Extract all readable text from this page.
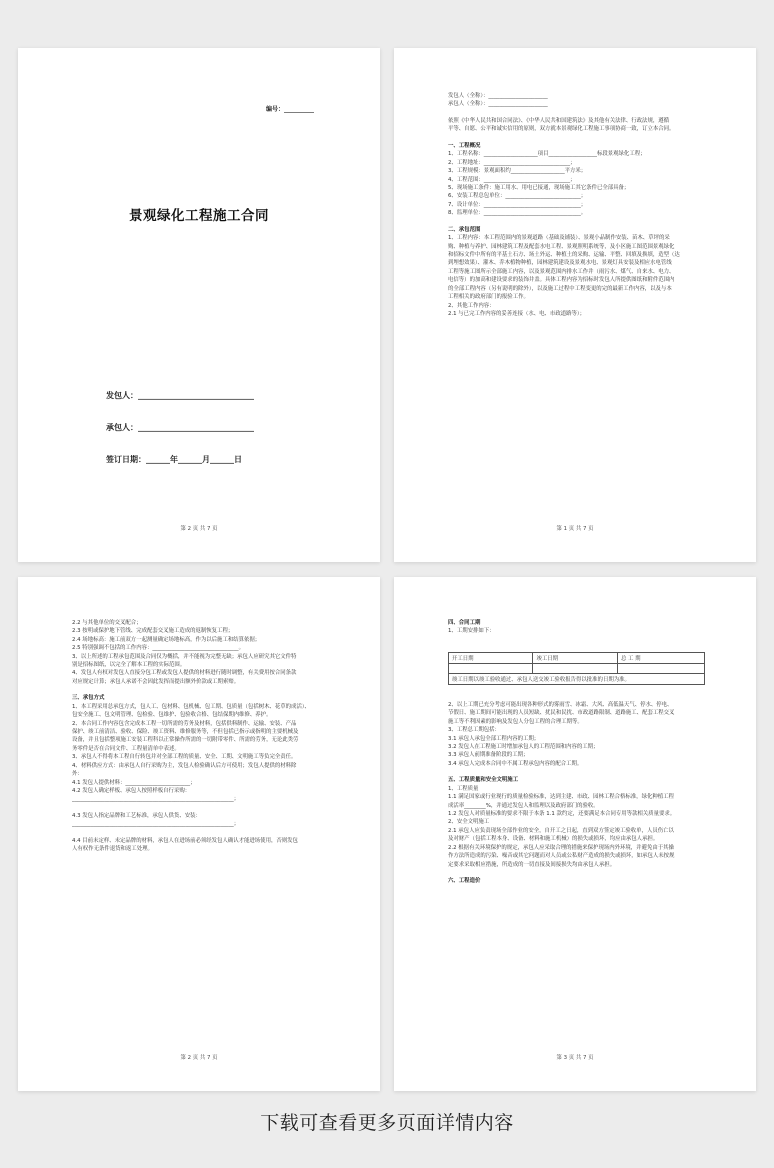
编号：__________
景观绿化工程施工合同
发包人：_____________________________
承包人：_____________________________
签订日期：______年______月______日
第 2 页 共 7 页
发包人（全称）：______________________
承包人（全称）：______________________
依照《中华人民共和国合同法》、《中华人民共和国建筑法》及其他有关法律、行政法规，遵循
平等、自愿、公平和诚实信用的原则，双方就本景观绿化工程施工事项协商一致，订立本合同。
一、工程概况
1、工程名称：____________________项目__________________标段景观绿化工程；
2、工程地址：________________________________；
3、工程规模：景观面积约____________________平方米；
4、工程范围：________________________________；
5、现场施工条件：施工用水、用电已接通，现场施工其它条件已全部具备；
6、安装工程总包单位：____________________________；
7、设计单位：____________________________________；
8、监理单位：____________________________________。
二、承包范围
1、工程内容：本工程范围内的景观道路（基础及铺装）、景观小品制作安装、苗木、草坪的采
购、种植与养护、园林建筑工程及配套水电工程、景观照明系统等，及小区施工图范围景观绿化
和招标文件中所有的平基土石方、场土外运、种植土的采购、运输、平整、回填及换填，造型（达
到埋想效果）、灌木、乔木植物种植，园林建筑建设及景观水电、景观灯具安装及相应水电管线
工程等施工图所示全部施工内容，以及景观范围内排水工作井（雨污水、煤气、自来水、电力、
电信等）的加高和建设要求的装饰井盖。具体工程内容为招标时发包人所提供图纸和附件范围内
的全部工程内容（另有说明的除外），以及施工过程中工程变更的完的最新工作内容，以及与本
工程相关的政府部门的报验工作。
2、其他工作内容：
2.1 与已完工作内容的妥善连接（水、电、市政道路等）；
第 1 页 共 7 页
2.2 与其他单位的交叉配合；
2.3 按明或保护地下管线、完成配套交叉施工造成的返制恢复工程；
2.4 场地标高：施工前双方一起测量确定场地标高，作为以后施工和结算依据；
2.5 特别强调不包括的工作内容：________________________________。
3、以上所述的工程承包范围及合同仅为概括，并不能视为完整无缺；承包人应研究其它文件特
别是招标图纸，以完全了解本工程的实际范围。
4、发包人有权对发包人直接分包工程或发包人提供的材料进行随时调整，有关费用按合同条款
对应规定计算；承包人承诺不会因此发挥而提出额外价款或工期索赔。
三、承包方式
1、本工程采用总承包方式，包人工、包材料、包机械、包工期、包质量（包括树木、花草的成活）、
包安全施工、包文明管理、包检验、包维护、包验收合格、包结保期内维修、养护。
2、本合同工作内容包含完成本工程一切所需的劳务及材料，包括供料制作、运输、安装、产品
保护、竣工前清洁、验收、保险、竣工资料、维修服务等，不但包括已指示或指明的主要机械及
设备，并且包括整项施工安装工程科以正常操作所需的一切附带零件、所需的劳务，无论此类劳
务零件是否在合同文件、工程量清单中表述。
3、承包人不得将本工程自行转包并对全部工程的质量、安全、工期、文明施工等负完全责任。
4、材料供应方式：由承包人自行采购为主，发包人检验确认后方可使用；发包人提供的材料除
外：
4.1 发包人提供材料：________________________；
4.2 发包人确定样板、承包人按照样板自行采购：
____________________________________________________________；
4.3 发包人指定品牌和工艺标准，承包人供货、安装：
____________________________________________________________；
4.4 目前未定样、未定品牌的材料，承包人在进场前必须经发包人确认才能进场使用，否则发包
人有权作无条件退货和返工处理。
第 2 页 共 7 页
四、合同工期
1、工期安排如下：
开工日期	竣工日期	总 工 期

竣工日期以竣工验收通过、承包人送交竣工验收报告得以批准的日期为准。		
2、以上工期已充分考虑可能出现各种形式的雾雨雪、冰霜、大风、高低温天气、停水、停电、
节假日、施工期间可能出现的人员短缺、扰民和民扰、市政道路限制、道路施工、配套工程交叉
施工等不利因素的影响及发包人分包工程的合理工期等。
3、工程总工期包括：
3.1 承包人承包全部工程内容的工期；
3.2 发包人在工程施工时增加承包人的工程范围和内容的工期；
3.3 承包人前期准备阶段的工期；
3.4 承包人完成本合同中不属工程承包内容的配合工期。
五、工程质量和安全文明施工
1、工程质量
1.1 满足国家或行业现行的质量检验标准，达到主建、市政、园林工程合格标准，绿化种植工程
成活率________%，并通过发包人和监理以及政府部门的验收。
1.2 发包人对质量标准的要求不限于本条 1.1 款约定，还要满足本合同专用等款相关质量要求。
2、安全文明施工
2.1 承包人应负责现场全部作业的安全，自开工之日起，直到双方签定竣工验收单，人员伤亡以
及对财产（包括工程本身、设备、材料和施工机械）的损失或损坏，均应由承包人承担。
2.2 根据有关环境保护的规定，承包人应采取合理的措施来保护现场内外环境，并避免由于其操
作方法所造成的污染、噪音或其它问题而对人员或公私财产造成的损失或损坏，如承包人未按规
定要求采取相应措施，所造成的一切直接及间接损失均由承包人承担。
六、工程造价
第 3 页 共 7 页
下载可查看更多页面详情内容
